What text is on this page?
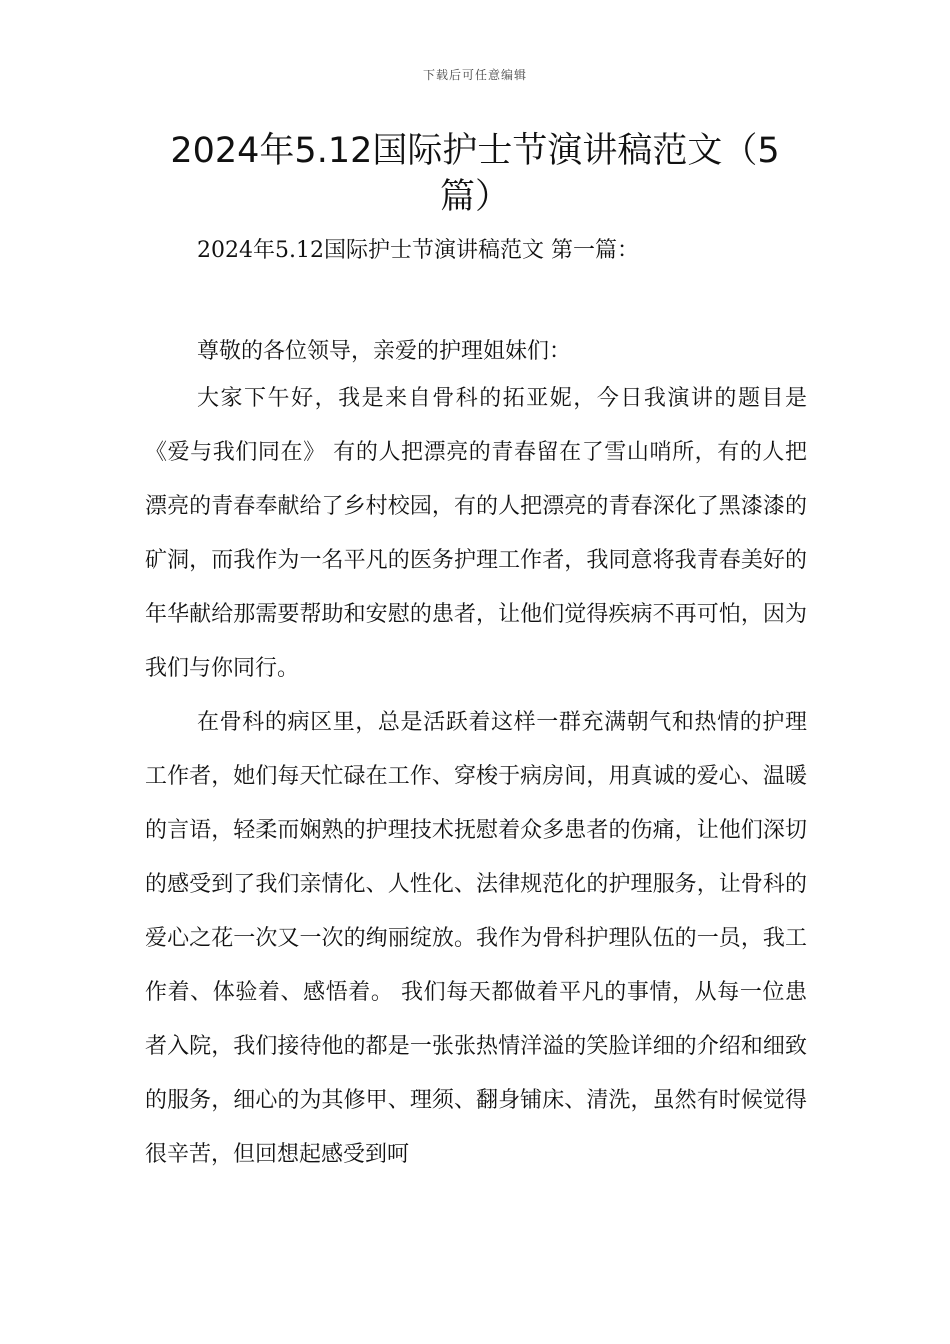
下载后可任意编辑
2024年5.12国际护士节演讲稿范文（5篇）
2024年5.12国际护士节演讲稿范文 第一篇：
尊敬的各位领导，亲爱的护理姐妹们：

大家下午好，我是来自骨科的拓亚妮，今日我演讲的题目是《爱与我们同在》 有的人把漂亮的青春留在了雪山哨所，有的人把漂亮的青春奉献给了乡村校园，有的人把漂亮的青春深化了黑漆漆的矿洞，而我作为一名平凡的医务护理工作者，我同意将我青春美好的年华献给那需要帮助和安慰的患者，让他们觉得疾病不再可怕，因为我们与你同行。

在骨科的病区里，总是活跃着这样一群充满朝气和热情的护理工作者，她们每天忙碌在工作、穿梭于病房间，用真诚的爱心、温暖的言语，轻柔而娴熟的护理技术抚慰着众多患者的伤痛，让他们深切的感受到了我们亲情化、人性化、法律规范化的护理服务，让骨科的爱心之花一次又一次的绚丽绽放。我作为骨科护理队伍的一员，我工作着、体验着、感悟着。 我们每天都做着平凡的事情，从每一位患者入院，我们接待他的都是一张张热情洋溢的笑脸详细的介绍和细致的服务，细心的为其修甲、理须、翻身铺床、清洗，虽然有时候觉得很辛苦，但回想起感受到呵
